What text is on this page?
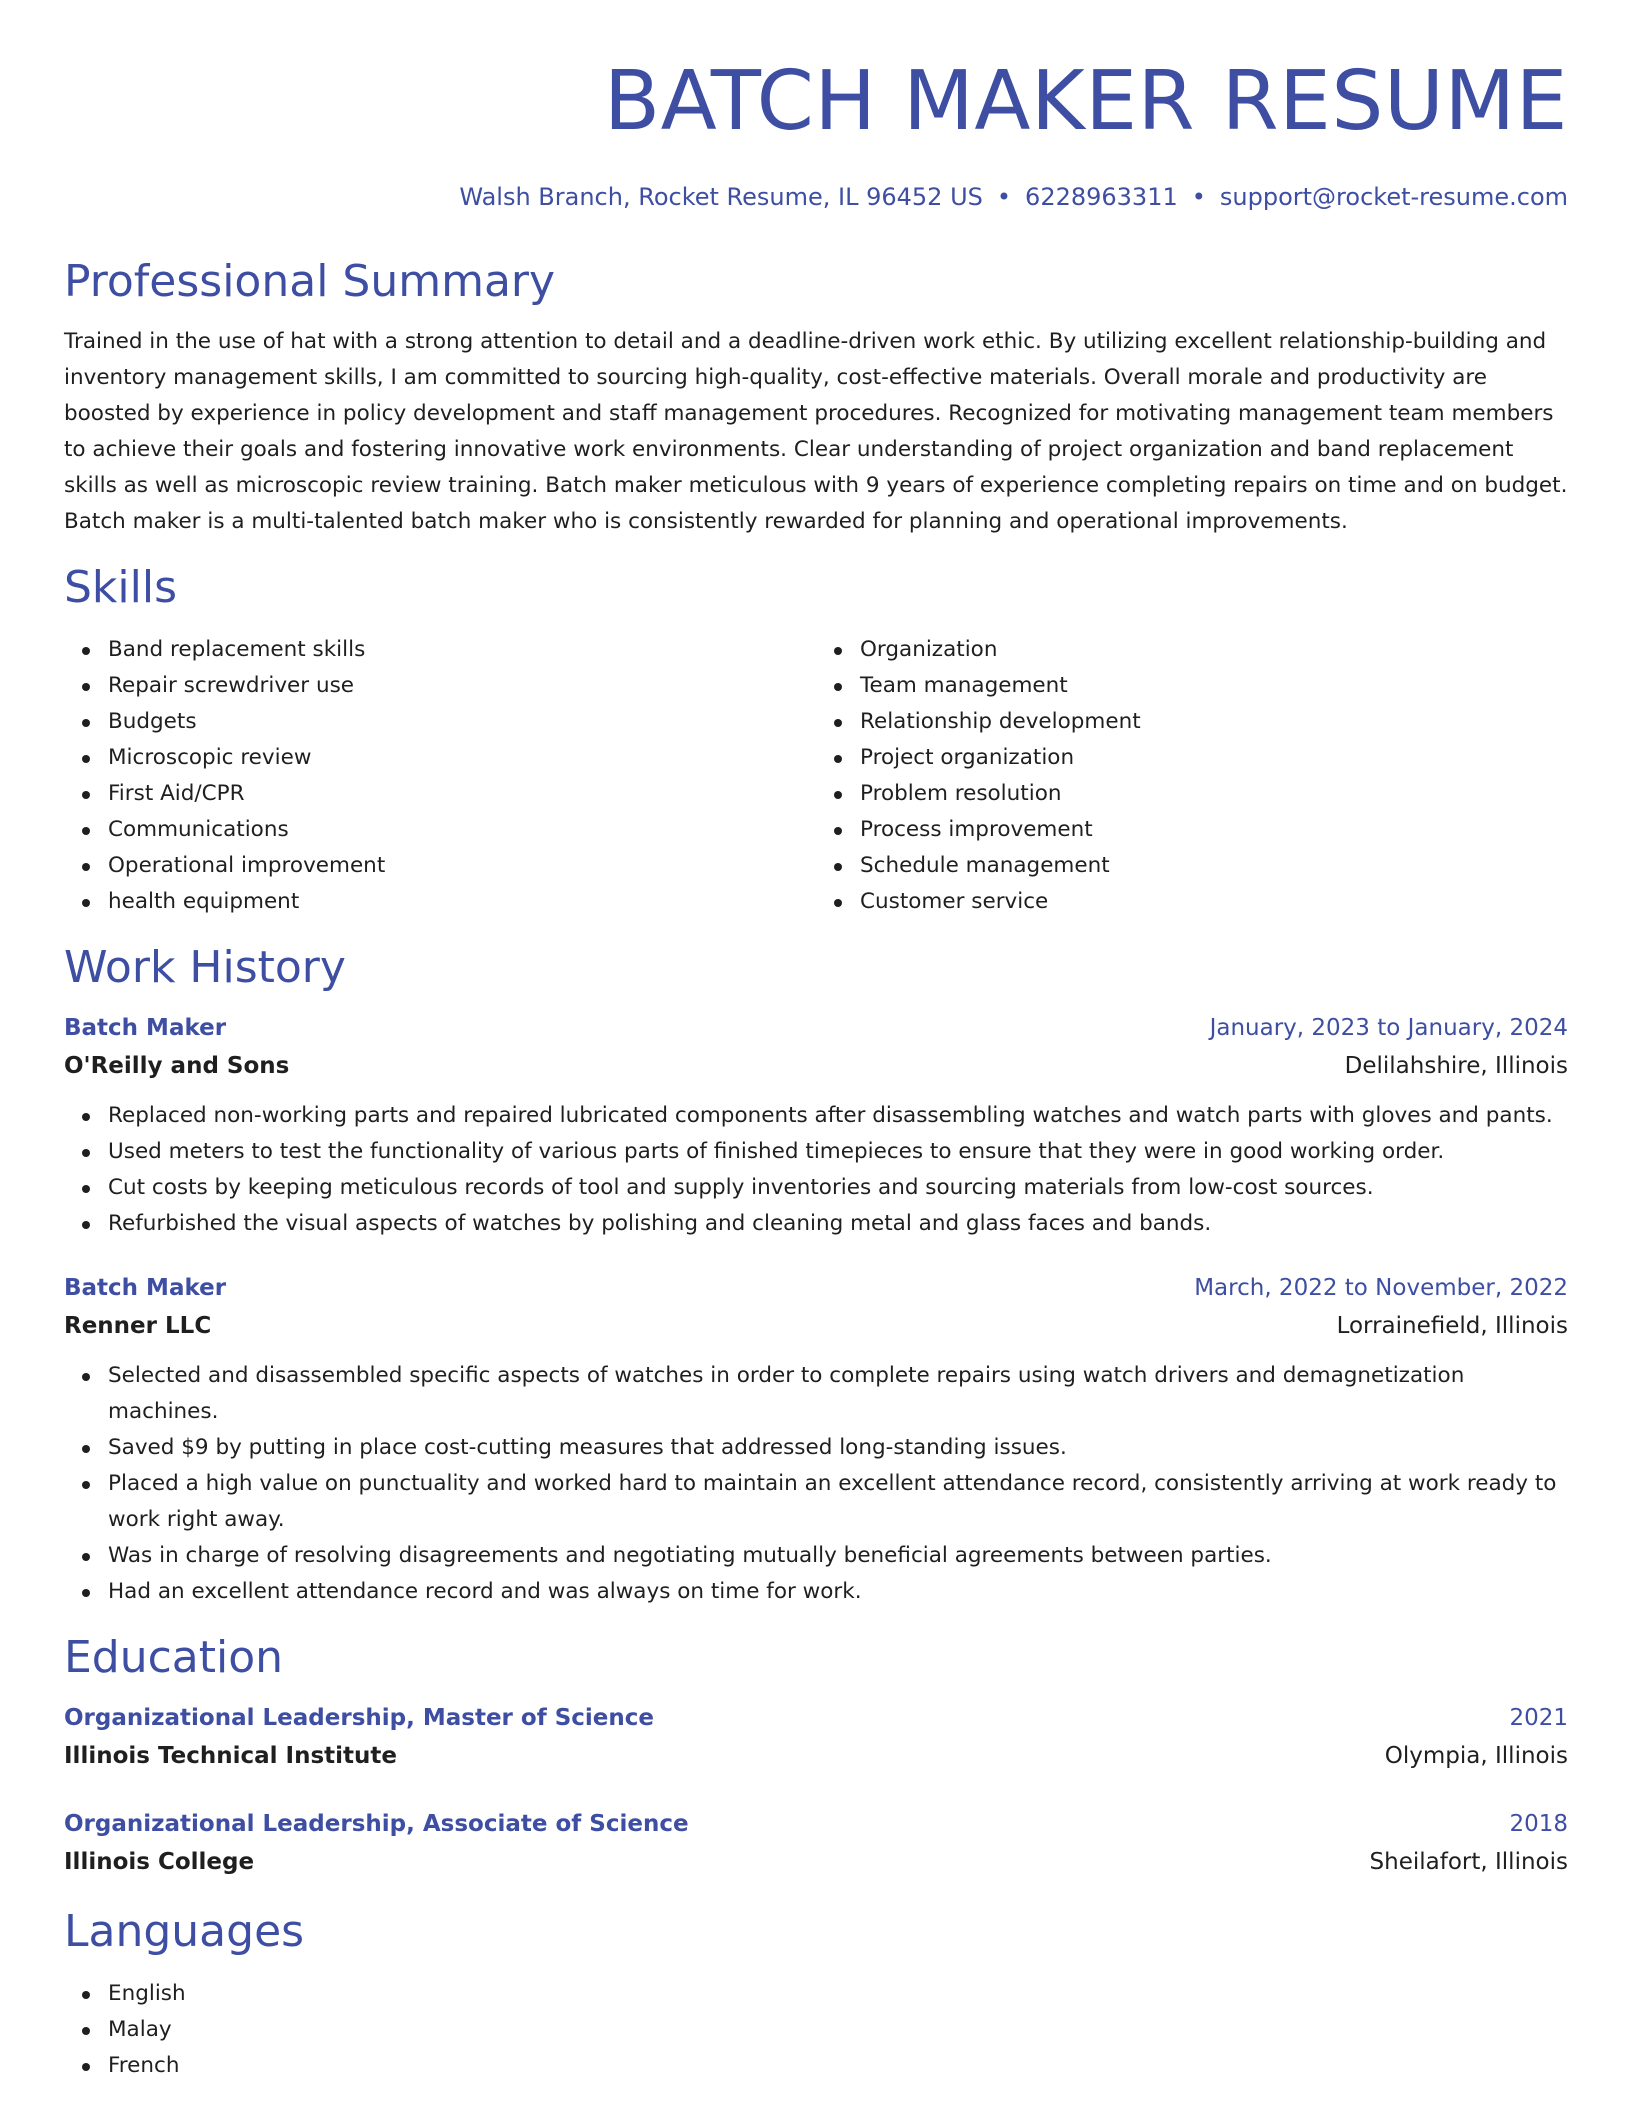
BATCH MAKER RESUME
Walsh Branch, Rocket Resume, IL 96452 US • 6228963311 • support@rocket-resume.com
Professional Summary
Trained in the use of hat with a strong attention to detail and a deadline-driven work ethic. By utilizing excellent relationship-building and inventory management skills, I am committed to sourcing high-quality, cost-effective materials. Overall morale and productivity are boosted by experience in policy development and staff management procedures. Recognized for motivating management team members to achieve their goals and fostering innovative work environments. Clear understanding of project organization and band replacement skills as well as microscopic review training. Batch maker meticulous with 9 years of experience completing repairs on time and on budget. Batch maker is a multi-talented batch maker who is consistently rewarded for planning and operational improvements.
Skills
Band replacement skills
Repair screwdriver use
Budgets
Microscopic review
First Aid/CPR
Communications
Operational improvement
health equipment
Organization
Team management
Relationship development
Project organization
Problem resolution
Process improvement
Schedule management
Customer service
Work History
Batch Maker	January, 2023 to January, 2024
O'Reilly and Sons	Delilahshire, Illinois
Replaced non-working parts and repaired lubricated components after disassembling watches and watch parts with gloves and pants.
Used meters to test the functionality of various parts of finished timepieces to ensure that they were in good working order.
Cut costs by keeping meticulous records of tool and supply inventories and sourcing materials from low-cost sources.
Refurbished the visual aspects of watches by polishing and cleaning metal and glass faces and bands.
Batch Maker	March, 2022 to November, 2022
Renner LLC	Lorrainefield, Illinois
Selected and disassembled specific aspects of watches in order to complete repairs using watch drivers and demagnetization machines.
Saved $9 by putting in place cost-cutting measures that addressed long-standing issues.
Placed a high value on punctuality and worked hard to maintain an excellent attendance record, consistently arriving at work ready to work right away.
Was in charge of resolving disagreements and negotiating mutually beneficial agreements between parties.
Had an excellent attendance record and was always on time for work.
Education
Organizational Leadership, Master of Science	2021
Illinois Technical Institute	Olympia, Illinois
Organizational Leadership, Associate of Science	2018
Illinois College	Sheilafort, Illinois
Languages
English
Malay
French
